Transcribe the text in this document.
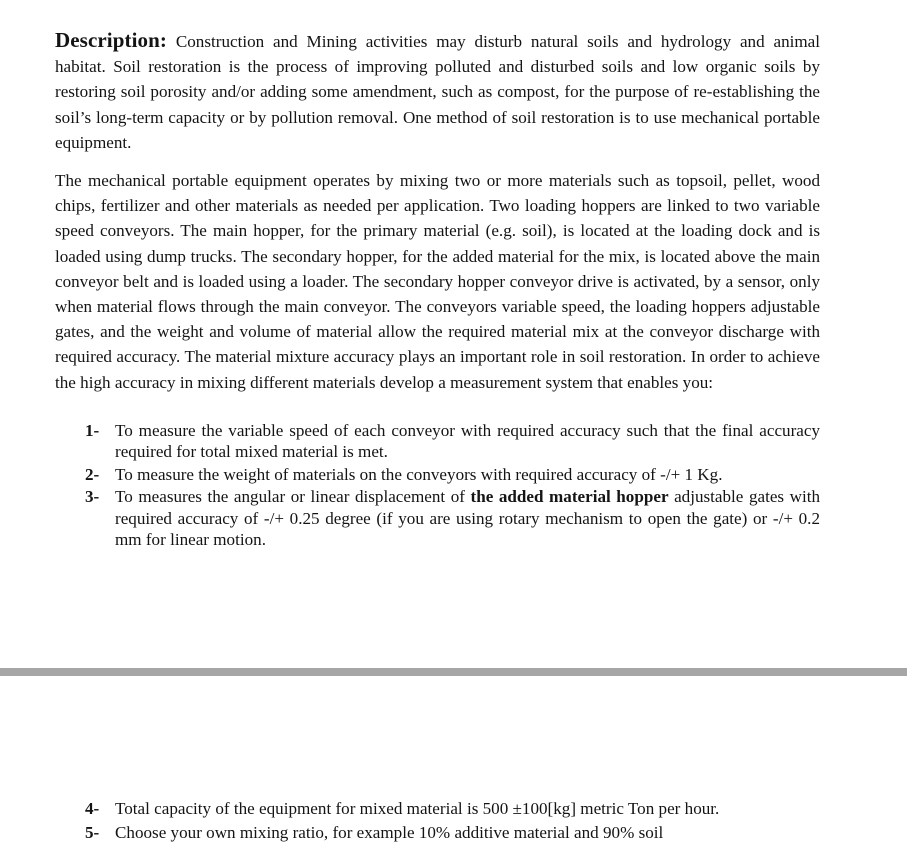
Description: Construction and Mining activities may disturb natural soils and hydrology and animal habitat. Soil restoration is the process of improving polluted and disturbed soils and low organic soils by restoring soil porosity and/or adding some amendment, such as compost, for the purpose of re-establishing the soil’s long-term capacity or by pollution removal. One method of soil restoration is to use mechanical portable equipment.

The mechanical portable equipment operates by mixing two or more materials such as topsoil, pellet, wood chips, fertilizer and other materials as needed per application. Two loading hoppers are linked to two variable speed conveyors. The main hopper, for the primary material (e.g. soil), is located at the loading dock and is loaded using dump trucks. The secondary hopper, for the added material for the mix, is located above the main conveyor belt and is loaded using a loader. The secondary hopper conveyor drive is activated, by a sensor, only when material flows through the main conveyor. The conveyors variable speed, the loading hoppers adjustable gates, and the weight and volume of material allow the required material mix at the conveyor discharge with required accuracy. The material mixture accuracy plays an important role in soil restoration. In order to achieve the high accuracy in mixing different materials develop a measurement system that enables you:

1- To measure the variable speed of each conveyor with required accuracy such that the final accuracy required for total mixed material is met.
2- To measure the weight of materials on the conveyors with required accuracy of -/+ 1 Kg.
3- To measures the angular or linear displacement of the added material hopper adjustable gates with required accuracy of -/+ 0.25 degree (if you are using rotary mechanism to open the gate) or -/+ 0.2 mm for linear motion.
4- Total capacity of the equipment for mixed material is 500 ±100[kg] metric Ton per hour.
5- Choose your own mixing ratio, for example 10% additive material and 90% soil
